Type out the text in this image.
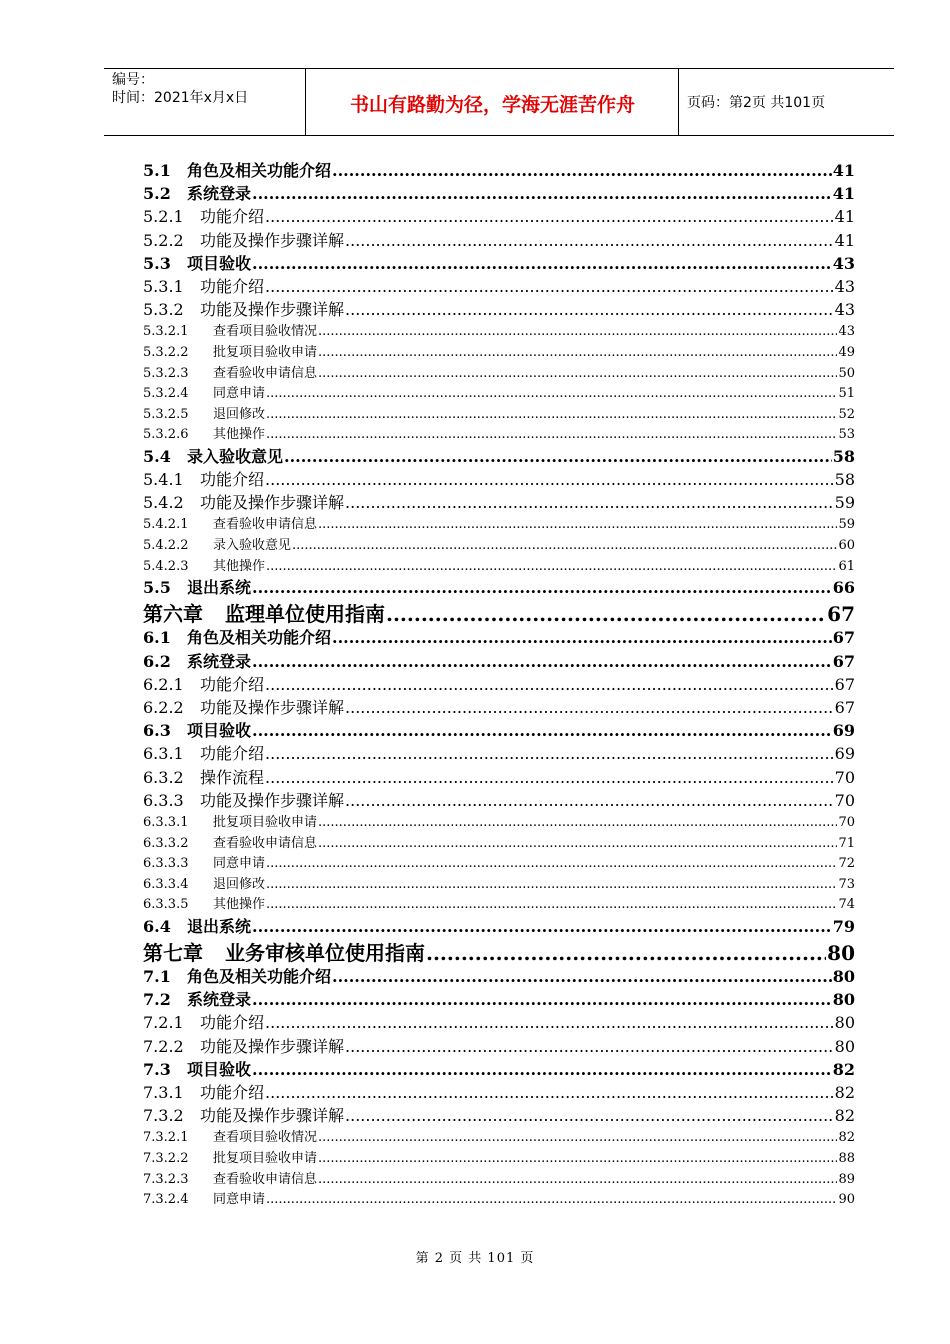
编号：
时间：2021年x月x日	书山有路勤为径，学海无涯苦作舟	页码：第2页 共101页
5.1	角色及相关功能介绍 .....	41
5.2	系统登录 .....	41
5.2.1	功能介绍 .....	41
5.2.2	功能及操作步骤详解 .....	41
5.3	项目验收 .....	43
5.3.1	功能介绍 .....	43
5.3.2	功能及操作步骤详解 .....	43
5.3.2.1	查看项目验收情况 .....	43
5.3.2.2	批复项目验收申请 .....	49
5.3.2.3	查看验收申请信息 .....	50
5.3.2.4	同意申请 .....	51
5.3.2.5	退回修改 .....	52
5.3.2.6	其他操作 .....	53
5.4	录入验收意见 .....	58
5.4.1	功能介绍 .....	58
5.4.2	功能及操作步骤详解 .....	59
5.4.2.1	查看验收申请信息 .....	59
5.4.2.2	录入验收意见 .....	60
5.4.2.3	其他操作 .....	61
5.5	退出系统 .....	66
第六章	监理单位使用指南 .....	67
6.1	角色及相关功能介绍 .....	67
6.2	系统登录 .....	67
6.2.1	功能介绍 .....	67
6.2.2	功能及操作步骤详解 .....	67
6.3	项目验收 .....	69
6.3.1	功能介绍 .....	69
6.3.2	操作流程 .....	70
6.3.3	功能及操作步骤详解 .....	70
6.3.3.1	批复项目验收申请 .....	70
6.3.3.2	查看验收申请信息 .....	71
6.3.3.3	同意申请 .....	72
6.3.3.4	退回修改 .....	73
6.3.3.5	其他操作 .....	74
6.4	退出系统 .....	79
第七章	业务审核单位使用指南 .....	80
7.1	角色及相关功能介绍 .....	80
7.2	系统登录 .....	80
7.2.1	功能介绍 .....	80
7.2.2	功能及操作步骤详解 .....	80
7.3	项目验收 .....	82
7.3.1	功能介绍 .....	82
7.3.2	功能及操作步骤详解 .....	82
7.3.2.1	查看项目验收情况 .....	82
7.3.2.2	批复项目验收申请 .....	88
7.3.2.3	查看验收申请信息 .....	89
7.3.2.4	同意申请 .....	90
第 2 页 共 101 页
